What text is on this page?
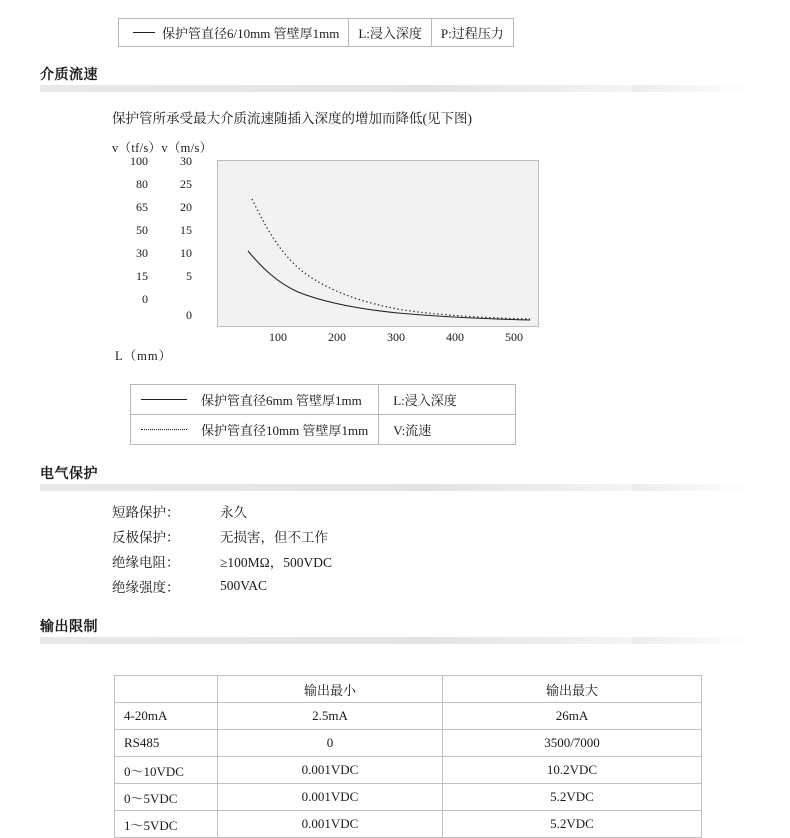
保护管直径6/10mm 管壁厚1mm	L:浸入深度	P:过程压力
介质流速
保护管所承受最大介质流速随插入深度的增加而降低(见下图)
v（tf/s）v（m/s）
100
80
65
50
30
15
0
30
25
20
15
10
5
0
100	200	300	400	500
L（mm）
保护管直径6mm 管壁厚1mm	L:浸入深度
保护管直径10mm 管壁厚1mm	V:流速
电气保护
短路保护：	永久
反极保护：	无损害，但不工作
绝缘电阻：	≥100MΩ，500VDC
绝缘强度：	500VAC
输出限制
	输出最小	输出最大
4-20mA	2.5mA	26mA
RS485	0	3500/7000
0～10VDC	0.001VDC	10.2VDC
0～5VDC	0.001VDC	5.2VDC
1～5VDC	0.001VDC	5.2VDC
